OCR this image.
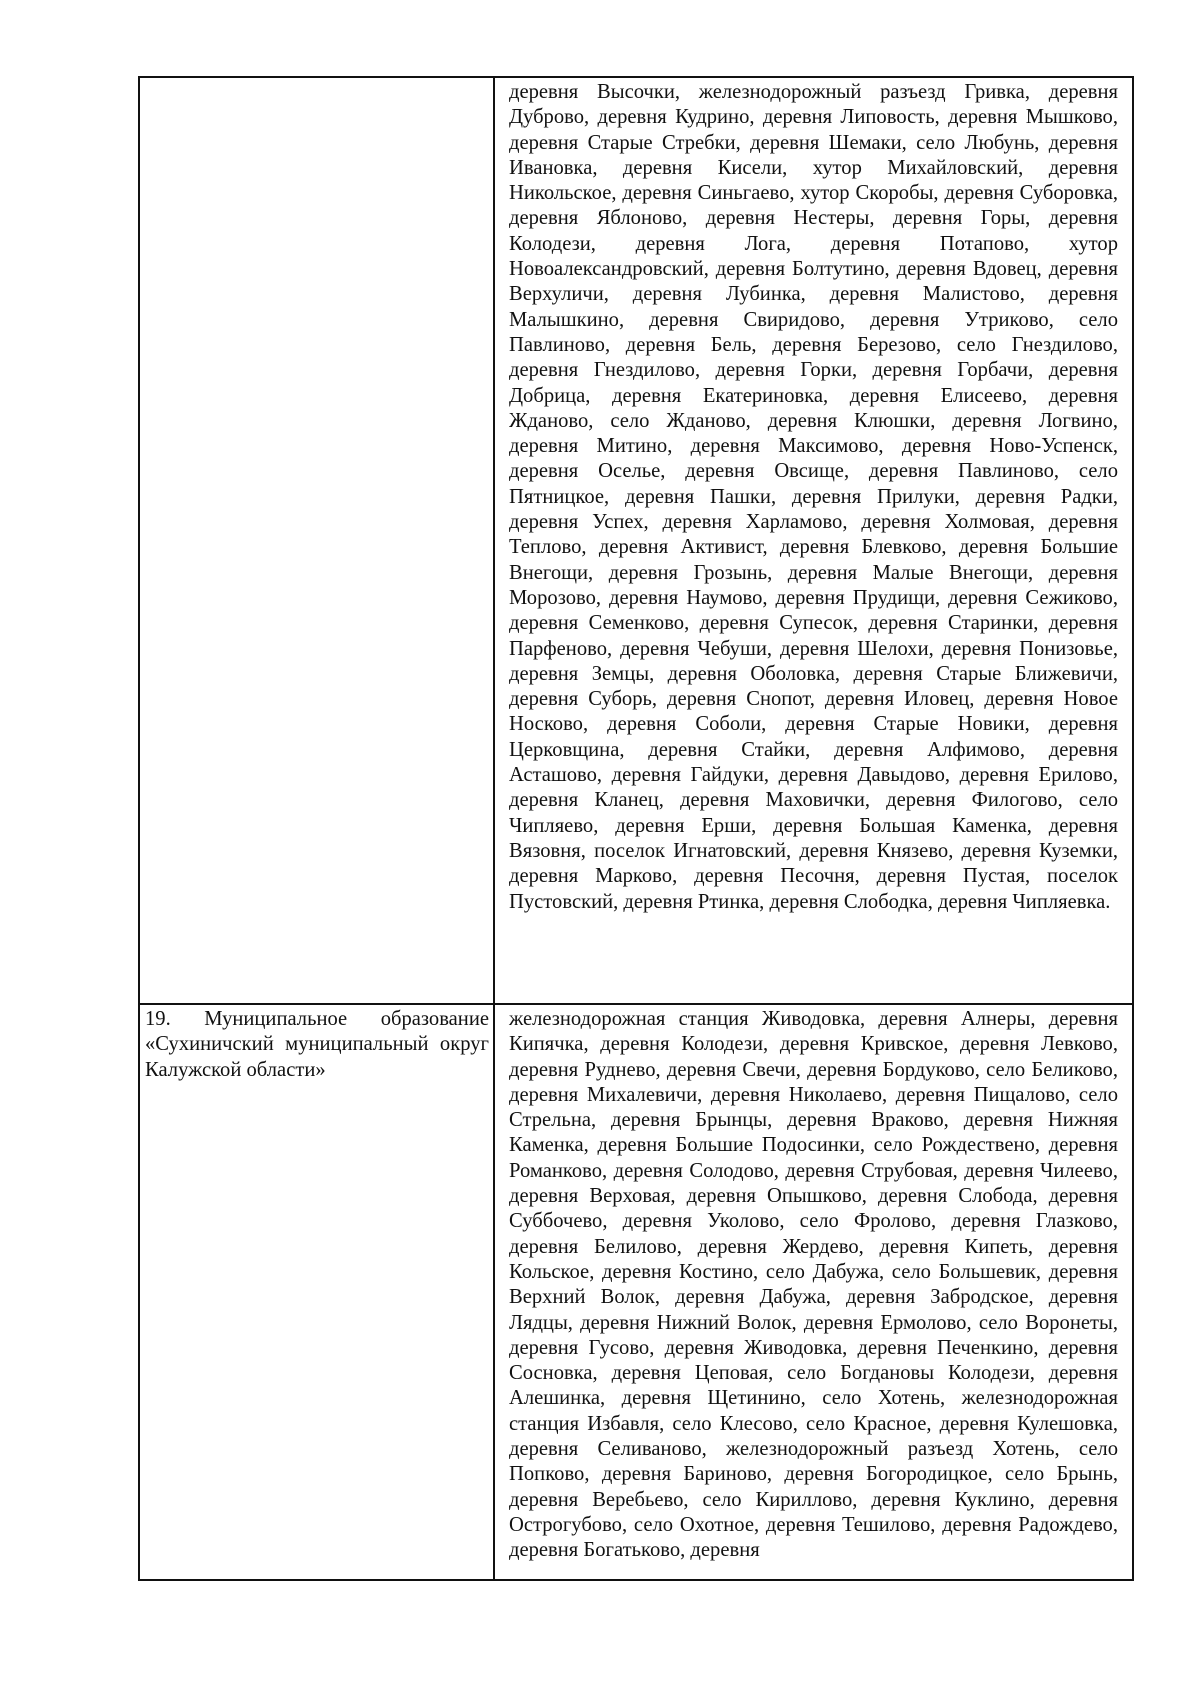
	деревня Высочки, железнодорожный разъезд Гривка, деревня Дуброво, деревня Кудрино, деревня Липовость, деревня Мышково, деревня Старые Стребки, деревня Шемаки, село Любунь, деревня Ивановка, деревня Кисели, хутор Михайловский, деревня Никольское, деревня Синьгаево, хутор Скоробы, деревня Суборовка, деревня Яблоново, деревня Нестеры, деревня Горы, деревня Колодези, деревня Лога, деревня Потапово, хутор Новоалександровский, деревня Болтутино, деревня Вдовец, деревня Верхуличи, деревня Лубинка, деревня Малистово, деревня Малышкино, деревня Свиридово, деревня Утриково, село Павлиново, деревня Бель, деревня Березово, село Гнездилово, деревня Гнездилово, деревня Горки, деревня Горбачи, деревня Добрица, деревня Екатериновка, деревня Елисеево, деревня Жданово, село Жданово, деревня Клюшки, деревня Логвино, деревня Митино, деревня Максимово, деревня Ново-Успенск, деревня Оселье, деревня Овсище, деревня Павлиново, село Пятницкое, деревня Пашки, деревня Прилуки, деревня Радки, деревня Успех, деревня Харламово, деревня Холмовая, деревня Теплово, деревня Активист, деревня Блевково, деревня Большие Внегощи, деревня Грозынь, деревня Малые Внегощи, деревня Морозово, деревня Наумово, деревня Прудищи, деревня Сежиково, деревня Семенково, деревня Супесок, деревня Старинки, деревня Парфеново, деревня Чебуши, деревня Шелохи, деревня Понизовье, деревня Земцы, деревня Оболовка, деревня Старые Ближевичи, деревня Суборь, деревня Снопот, деревня Иловец, деревня Новое Носково, деревня Соболи, деревня Старые Новики, деревня Церковщина, деревня Стайки, деревня Алфимово, деревня Асташово, деревня Гайдуки, деревня Давыдово, деревня Ерилово, деревня Кланец, деревня Маховички, деревня Филогово, село Чипляево, деревня Ерши, деревня Большая Каменка, деревня Вязовня, поселок Игнатовский, деревня Князево, деревня Куземки, деревня Марково, деревня Песочня, деревня Пустая, поселок Пустовский, деревня Ртинка, деревня Слободка, деревня Чипляевка.
19. Муниципальное образование «Сухиничский муниципальный округ Калужской области»	железнодорожная станция Живодовка, деревня Алнеры, деревня Кипячка, деревня Колодези, деревня Кривское, деревня Левково, деревня Руднево, деревня Свечи, деревня Бордуково, село Беликово, деревня Михалевичи, деревня Николаево, деревня Пищалово, село Стрельна, деревня Брынцы, деревня Враково, деревня Нижняя Каменка, деревня Большие Подосинки, село Рождествено, деревня Романково, деревня Солодово, деревня Струбовая, деревня Чилеево, деревня Верховая, деревня Опышково, деревня Слобода, деревня Суббочево, деревня Уколово, село Фролово, деревня Глазково, деревня Белилово, деревня Жердево, деревня Кипеть, деревня Кольское, деревня Костино, село Дабужа, село Большевик, деревня Верхний Волок, деревня Дабужа, деревня Забродское, деревня Лядцы, деревня Нижний Волок, деревня Ермолово, село Воронеты, деревня Гусово, деревня Живодовка, деревня Печенкино, деревня Сосновка, деревня Цеповая, село Богдановы Колодези, деревня Алешинка, деревня Щетинино, село Хотень, железнодорожная станция Избавля, село Клесово, село Красное, деревня Кулешовка, деревня Селиваново, железнодорожный разъезд Хотень, село Попково, деревня Бариново, деревня Богородицкое, село Брынь, деревня Веребьево, село Кириллово, деревня Куклино, деревня Острогубово, село Охотное, деревня Тешилово, деревня Радождево, деревня Богатьково, деревня
